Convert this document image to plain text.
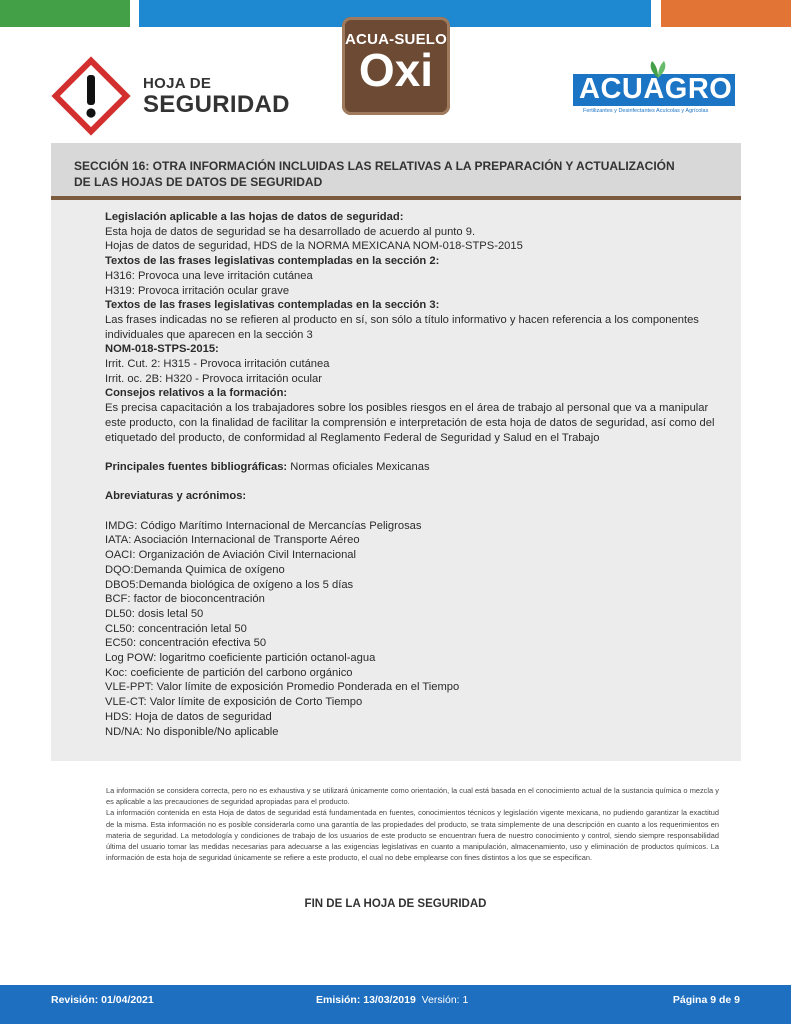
HOJA DE
SEGURIDAD
ACUA-SUELO
Oxi	ACUAGRO
Fertilizantes y Desinfectantes Acuícolas y Agrícolas
SECCIÓN 16: OTRA INFORMACIÓN INCLUIDAS LAS RELATIVAS A LA PREPARACIÓN Y ACTUALIZACIÓN DE LAS HOJAS DE DATOS DE SEGURIDAD

Legislación aplicable a las hojas de datos de seguridad:

Esta hoja de datos de seguridad se ha desarrollado de acuerdo al punto 9.

Hojas de datos de seguridad, HDS de la NORMA MEXICANA NOM-018-STPS-2015

Textos de las frases legislativas contempladas en la sección 2:

H316: Provoca una leve irritación cutánea

H319: Provoca irritación ocular grave

Textos de las frases legislativas contempladas en la sección 3:

Las frases indicadas no se refieren al producto en sí, son sólo a título informativo y hacen referencia a los componentes individuales que aparecen en la sección 3

NOM-018-STPS-2015:

Irrit. Cut. 2: H315 - Provoca irritación cutánea

Irrit. oc. 2B: H320 - Provoca irritación ocular

Consejos relativos a la formación:

Es precisa capacitación a los trabajadores sobre los posibles riesgos en el área de trabajo al personal que va a manipular este producto, con la finalidad de facilitar la comprensión e interpretación de esta hoja de datos de seguridad, así como del etiquetado del producto, de conformidad al Reglamento Federal de Seguridad y Salud en el Trabajo

Principales fuentes bibliográficas: Normas oficiales Mexicanas

Abreviaturas y acrónimos:

IMDG: Código Marítimo Internacional de Mercancías Peligrosas

IATA: Asociación Internacional de Transporte Aéreo

OACI: Organización de Aviación Civil Internacional

DQO:Demanda Quimica de oxígeno

DBO5:Demanda biológica de oxígeno a los 5 días

BCF: factor de bioconcentración

DL50: dosis letal 50

CL50: concentración letal 50

EC50: concentración efectiva 50

Log POW: logaritmo coeficiente partición octanol-agua

Koc: coeficiente de partición del carbono orgánico

VLE-PPT: Valor límite de exposición Promedio Ponderada en el Tiempo

VLE-CT: Valor límite de exposición de Corto Tiempo

HDS: Hoja de datos de seguridad

ND/NA: No disponible/No aplicable

La información se considera correcta, pero no es exhaustiva y se utilizará únicamente como orientación, la cual está basada en el conocimiento actual de la sustancia química o mezcla y es aplicable a las precauciones de seguridad apropiadas para el producto.

La información contenida en esta Hoja de datos de seguridad está fundamentada en fuentes, conocimientos técnicos y legislación vigente mexicana, no pudiendo garantizar la exactitud de la misma. Esta información no es posible considerarla como una garantía de las propiedades del producto, se trata simplemente de una descripción en cuanto a los requerimientos en materia de seguridad. La metodología y condiciones de trabajo de los usuarios de este producto se encuentran fuera de nuestro conocimiento y control, siendo siempre responsabilidad última del usuario tomar las medidas necesarias para adecuarse a las exigencias legislativas en cuanto a manipulación, almacenamiento, uso y eliminación de productos químicos. La información de esta hoja de seguridad únicamente se refiere a este producto, el cual no debe emplearse con fines distintos a los que se especifican.

FIN DE LA HOJA DE SEGURIDAD
Revisión: 01/04/2021	Emisión: 13/03/2019 Versión: 1	Página 9 de 9
